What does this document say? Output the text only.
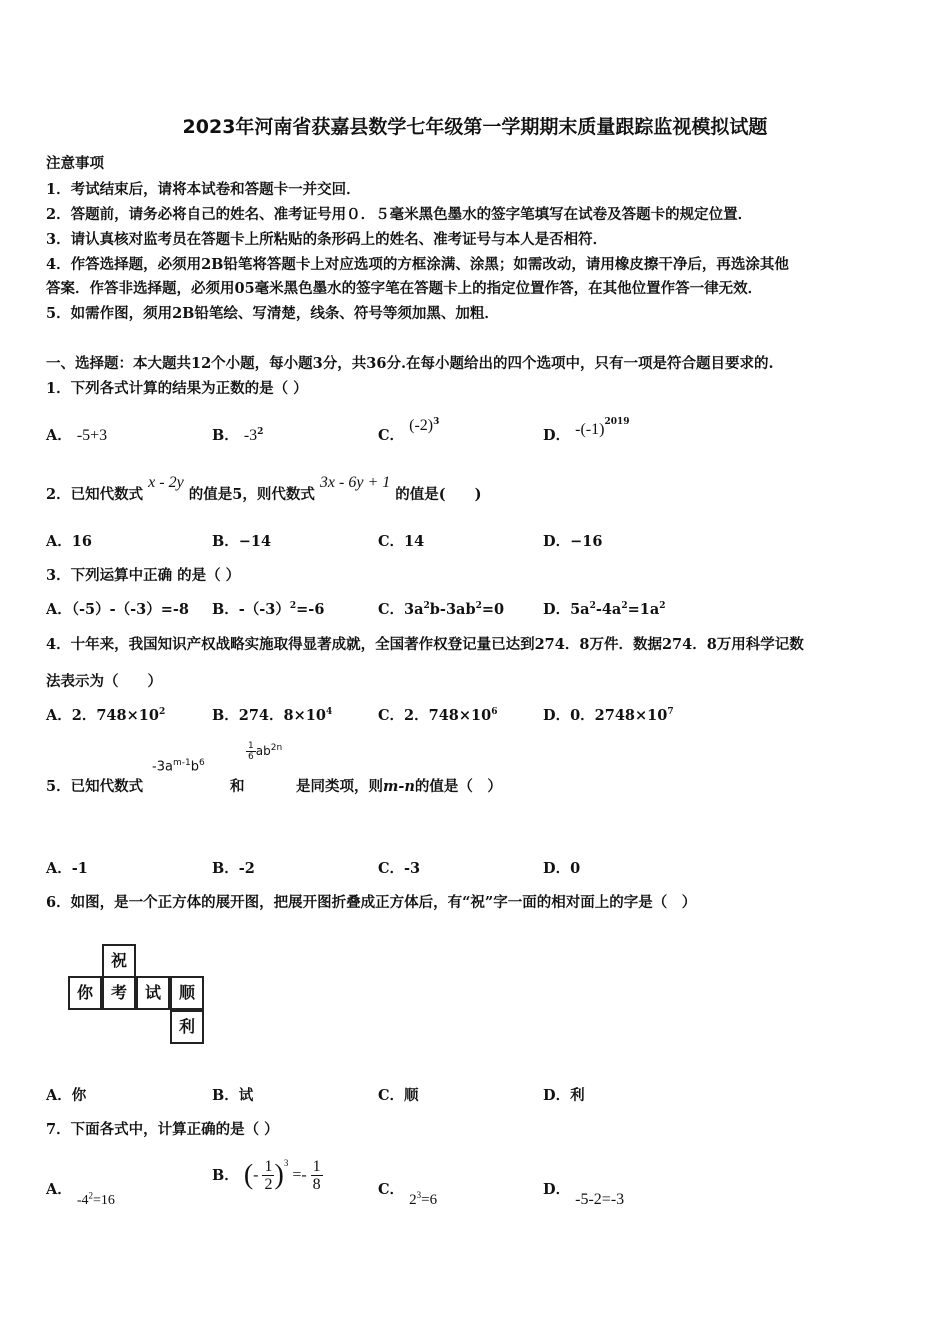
2023年河南省获嘉县数学七年级第一学期期末质量跟踪监视模拟试题
注意事项
1．考试结束后，请将本试卷和答题卡一并交回．
2．答题前，请务必将自己的姓名、准考证号用０．５毫米黑色墨水的签字笔填写在试卷及答题卡的规定位置．
3．请认真核对监考员在答题卡上所粘贴的条形码上的姓名、准考证号与本人是否相符．
4．作答选择题，必须用2B铅笔将答题卡上对应选项的方框涂满、涂黑；如需改动，请用橡皮擦干净后，再选涂其他
答案．作答非选择题，必须用05毫米黑色墨水的签字笔在答题卡上的指定位置作答，在其他位置作答一律无效．
5．如需作图，须用2B铅笔绘、写清楚，线条、符号等须加黑、加粗．
一、选择题：本大题共12个小题，每小题3分，共36分.在每小题给出的四个选项中，只有一项是符合题目要求的.
1．下列各式计算的结果为正数的是（ ）
A． -5+3	B． $-3^2$	C． $(-2)^3$
D． $-(-1)^{2019}$
2．已知代数式 x - 2y 的值是5，则代数式 3x - 6y + 1 的值是(　　)
A．16	B．−14	C．14	D．−16
3．下列运算中正确 的是（ ）
A．（-5）-（-3）=-8 B．$-(-3)^2=-6$	C．$3a^2b-3ab^2=0$	D．$5a^2-4a^2=1a^2$
4．十年来，我国知识产权战略实施取得显著成就，全国著作权登记量已达到274．8万件．数据274．8万用科学记数
法表示为（　　）
A．2．$748\times 10^2$	B．274．$8\times 10^4$	C．2．$748\times 10^6$	D．0．$2748\times 10^7$
5．已知代数式
$-3a^{m-1}b^6$
和
$\frac{1}{6} ab^{2n}$
是同类项，则m-n的值是（　）
A．-1	B．-2	C．-3	D．0
6．如图，是一个正方体的展开图，把展开图折叠成正方体后，有“祝”字一面的相对面上的字是（　）
祝
你	考	试	顺
利
A．你	B．试	C．顺	D．利
7．下面各式中，计算正确的是（ ）
A． $-4^2=16$
B． (- $\frac{1}{2} )^3 =- \frac{1}{8}$	C． $2^3=6$
D． -5-2=-3
